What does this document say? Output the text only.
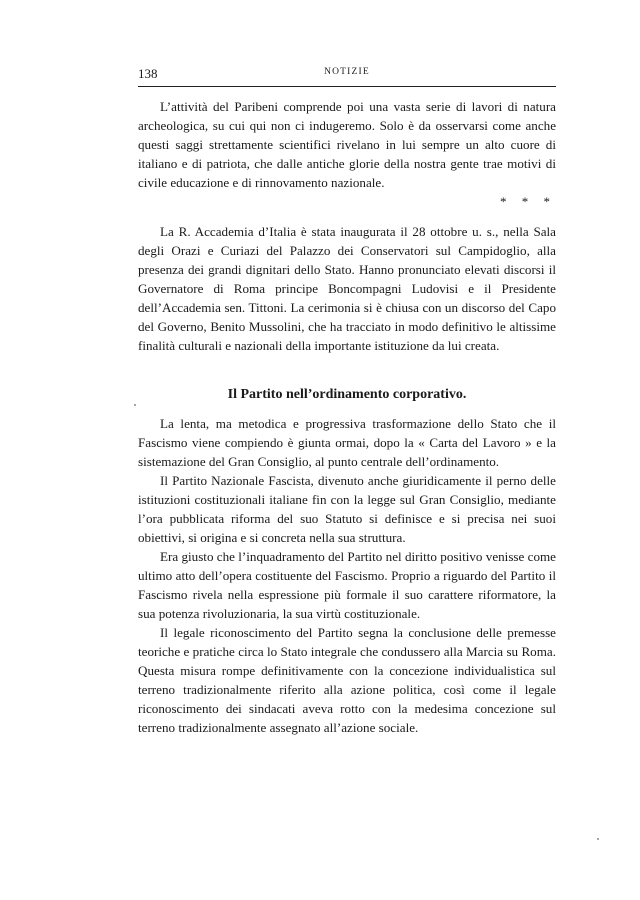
138	NOTIZIE

L’attività del Paribeni comprende poi una vasta serie di lavori di natura archeologica, su cui qui non ci indugeremo. Solo è da osservarsi come anche questi saggi strettamente scientifici rivelano in lui sempre un alto cuore di italiano e di patriota, che dalle antiche glorie della nostra gente trae motivi di civile educazione e di rinnovamento nazionale.

* * *

La R. Accademia d’Italia è stata inaugurata il 28 ottobre u. s., nella Sala degli Orazi e Curiazi del Palazzo dei Conservatori sul Campidoglio, alla presenza dei grandi dignitari dello Stato. Hanno pronunciato elevati discorsi il Governatore di Roma principe Boncompagni Ludovisi e il Presidente dell’Accademia sen. Tittoni. La cerimonia si è chiusa con un discorso del Capo del Governo, Benito Mussolini, che ha tracciato in modo definitivo le altissime finalità culturali e nazionali della importante istituzione da lui creata.

Il Partito nell’ordinamento corporativo.

La lenta, ma metodica e progressiva trasformazione dello Stato che il Fascismo viene compiendo è giunta ormai, dopo la « Carta del Lavoro » e la sistemazione del Gran Consiglio, al punto centrale dell’ordinamento.

Il Partito Nazionale Fascista, divenuto anche giuridicamente il perno delle istituzioni costituzionali italiane fin con la legge sul Gran Consiglio, mediante l’ora pubblicata riforma del suo Statuto si definisce e si precisa nei suoi obiettivi, si origina e si concreta nella sua struttura.

Era giusto che l’inquadramento del Partito nel diritto positivo venisse come ultimo atto dell’opera costituente del Fascismo. Proprio a riguardo del Partito il Fascismo rivela nella espressione più formale il suo carattere riformatore, la sua potenza rivoluzionaria, la sua virtù costituzionale.

Il legale riconoscimento del Partito segna la conclusione delle premesse teoriche e pratiche circa lo Stato integrale che condussero alla Marcia su Roma. Questa misura rompe definitivamente con la concezione individualistica sul terreno tradizionalmente riferito alla azione politica, così come il legale riconoscimento dei sindacati aveva rotto con la medesima concezione sul terreno tradizionalmente assegnato all’azione sociale.
